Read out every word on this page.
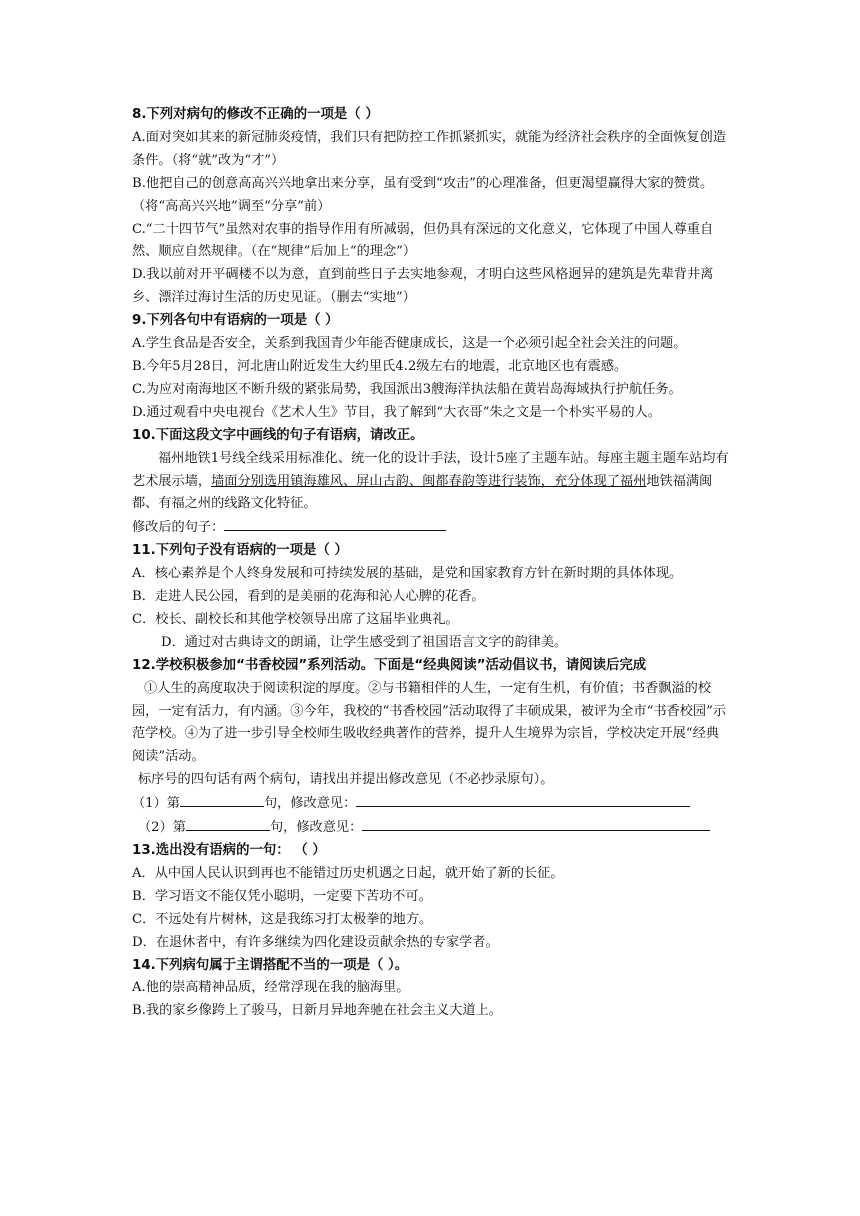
8.下列对病句的修改不正确的一项是（ ）

A.面对突如其来的新冠肺炎疫情，我们只有把防控工作抓紧抓实，就能为经济社会秩序的全面恢复创造条件。（将“就”改为“才”）

B.他把自己的创意高高兴兴地拿出来分享，虽有受到“攻击”的心理准备，但更渴望赢得大家的赞赏。（将“高高兴兴地”调至“分享”前）

C.“二十四节气”虽然对农事的指导作用有所减弱，但仍具有深远的文化意义，它体现了中国人尊重自然、顺应自然规律。（在“规律”后加上“的理念”）

D.我以前对开平碉楼不以为意，直到前些日子去实地参观，才明白这些风格迥异的建筑是先辈背井离乡、漂洋过海讨生活的历史见证。（删去“实地”）

9.下列各句中有语病的一项是（ ）

A.学生食品是否安全，关系到我国青少年能否健康成长，这是一个必须引起全社会关注的问题。

B.今年5月28日，河北唐山附近发生大约里氏4.2级左右的地震，北京地区也有震感。

C.为应对南海地区不断升级的紧张局势，我国派出3艘海洋执法船在黄岩岛海域执行护航任务。

D.通过观看中央电视台《艺术人生》节目，我了解到“大衣哥”朱之文是一个朴实平易的人。

10.下面这段文字中画线的句子有语病，请改正。

福州地铁1号线全线采用标准化、统一化的设计手法，设计5座了主题车站。每座主题主题车站均有艺术展示墙，墙面分别选用镇海雄风、屏山古韵、闽都春韵等进行装饰，充分体现了福州地铁福满闽都、有福之州的线路文化特征。

修改后的句子：

11.下列句子没有语病的一项是（ ）

A．核心素养是个人终身发展和可持续发展的基础，是党和国家教育方针在新时期的具体体现。

B．走进人民公园，看到的是美丽的花海和沁人心脾的花香。

C．校长、副校长和其他学校领导出席了这届毕业典礼。

D．通过对古典诗文的朗诵，让学生感受到了祖国语言文字的韵律美。

12.学校积极参加“书香校园”系列活动。下面是“经典阅读”活动倡议书，请阅读后完成

①人生的高度取决于阅读积淀的厚度。②与书籍相伴的人生，一定有生机，有价值；书香飘溢的校园，一定有活力，有内涵。③今年，我校的“书香校园”活动取得了丰硕成果，被评为全市“书香校园”示范学校。④为了进一步引导全校师生吸收经典著作的营养，提升人生境界为宗旨，学校决定开展“经典阅读”活动。

标序号的四句话有两个病句，请找出并提出修改意见（不必抄录原句）。

（1）第	句，修改意见：

（2）第	句，修改意见：

13.选出没有语病的一句： （ ）

A．从中国人民认识到再也不能错过历史机遇之日起，就开始了新的长征。

B．学习语文不能仅凭小聪明，一定要下苦功不可。

C．不远处有片树林，这是我练习打太极拳的地方。

D．在退休者中，有许多继续为四化建设贡献余热的专家学者。

14.下列病句属于主谓搭配不当的一项是（ ）。

A.他的崇高精神品质，经常浮现在我的脑海里。

B.我的家乡像跨上了骏马，日新月异地奔驰在社会主义大道上。
